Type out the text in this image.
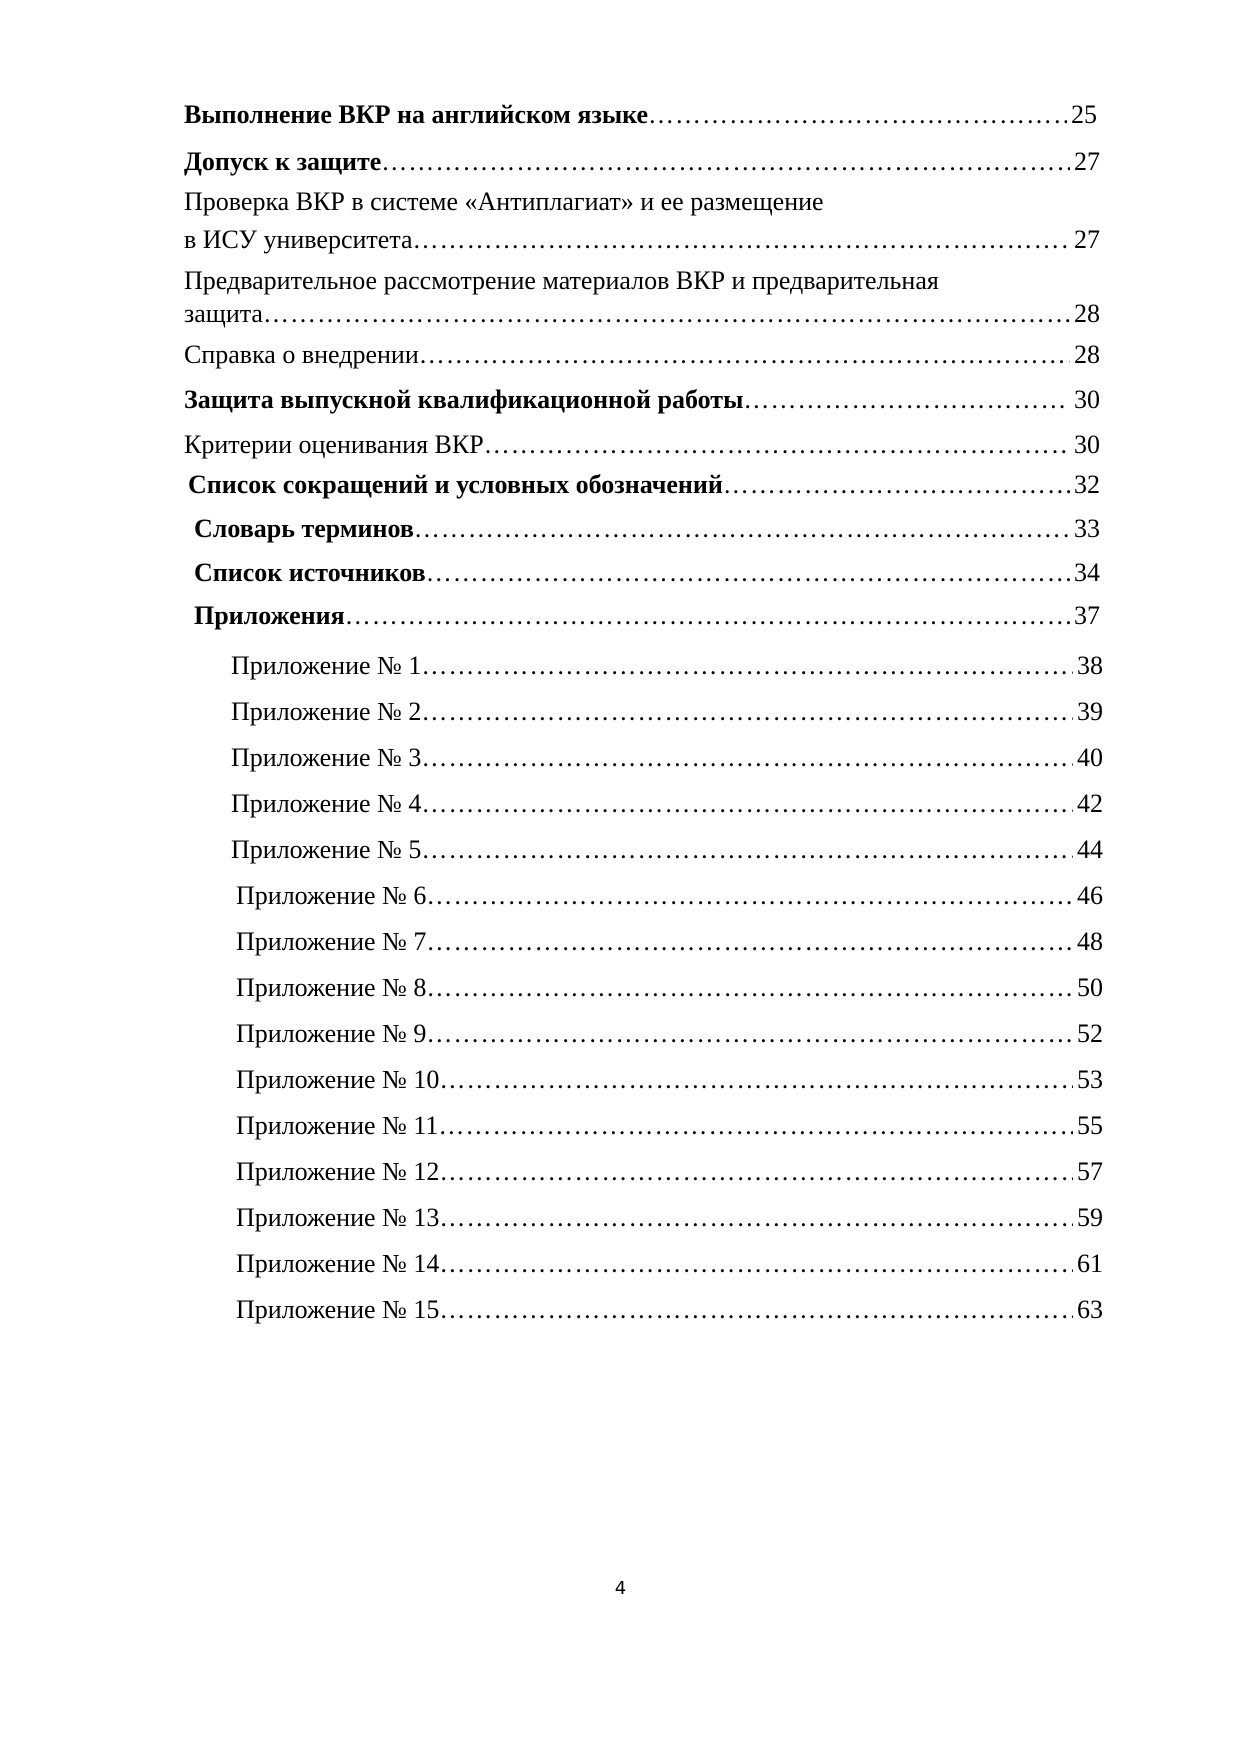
Выполнение ВКР на английском языке ……………………………………………………………………………………………………………………………………………………………………………………………………	25
Допуск к защите ……………………………………………………………………………………………………………………………………………………………………………………………………	27
Проверка ВКР в системе «Антиплагиат» и ее размещение
в ИСУ университета ……………………………………………………………………………………………………………………………………………………………………………………………………	27
Предварительное рассмотрение материалов ВКР и предварительная
защита ……………………………………………………………………………………………………………………………………………………………………………………………………	28
Справка о внедрении ……………………………………………………………………………………………………………………………………………………………………………………………………	28
Защита выпускной квалификационной работы ……………………………………………………………………………………………………………………………………………………………………………………………………	30
Критерии оценивания ВКР ……………………………………………………………………………………………………………………………………………………………………………………………………	30
Список сокращений и условных обозначений ……………………………………………………………………………………………………………………………………………………………………………………………………	32
Словарь терминов ……………………………………………………………………………………………………………………………………………………………………………………………………	33
Список источников ……………………………………………………………………………………………………………………………………………………………………………………………………	34
Приложения ……………………………………………………………………………………………………………………………………………………………………………………………………	37
Приложение № 1 ……………………………………………………………………………………………………………………………………………………………………………………………………	38
Приложение № 2 ……………………………………………………………………………………………………………………………………………………………………………………………………	39
Приложение № 3 ……………………………………………………………………………………………………………………………………………………………………………………………………	40
Приложение № 4 ……………………………………………………………………………………………………………………………………………………………………………………………………	42
Приложение № 5 ……………………………………………………………………………………………………………………………………………………………………………………………………	44
Приложение № 6 ……………………………………………………………………………………………………………………………………………………………………………………………………	46
Приложение № 7 ……………………………………………………………………………………………………………………………………………………………………………………………………	48
Приложение № 8 ……………………………………………………………………………………………………………………………………………………………………………………………………	50
Приложение № 9 ……………………………………………………………………………………………………………………………………………………………………………………………………	52
Приложение № 10 ……………………………………………………………………………………………………………………………………………………………………………………………………	53
Приложение № 11 ……………………………………………………………………………………………………………………………………………………………………………………………………	55
Приложение № 12 ……………………………………………………………………………………………………………………………………………………………………………………………………	57
Приложение № 13 ……………………………………………………………………………………………………………………………………………………………………………………………………	59
Приложение № 14 ……………………………………………………………………………………………………………………………………………………………………………………………………	61
Приложение № 15 ……………………………………………………………………………………………………………………………………………………………………………………………………	63
4
